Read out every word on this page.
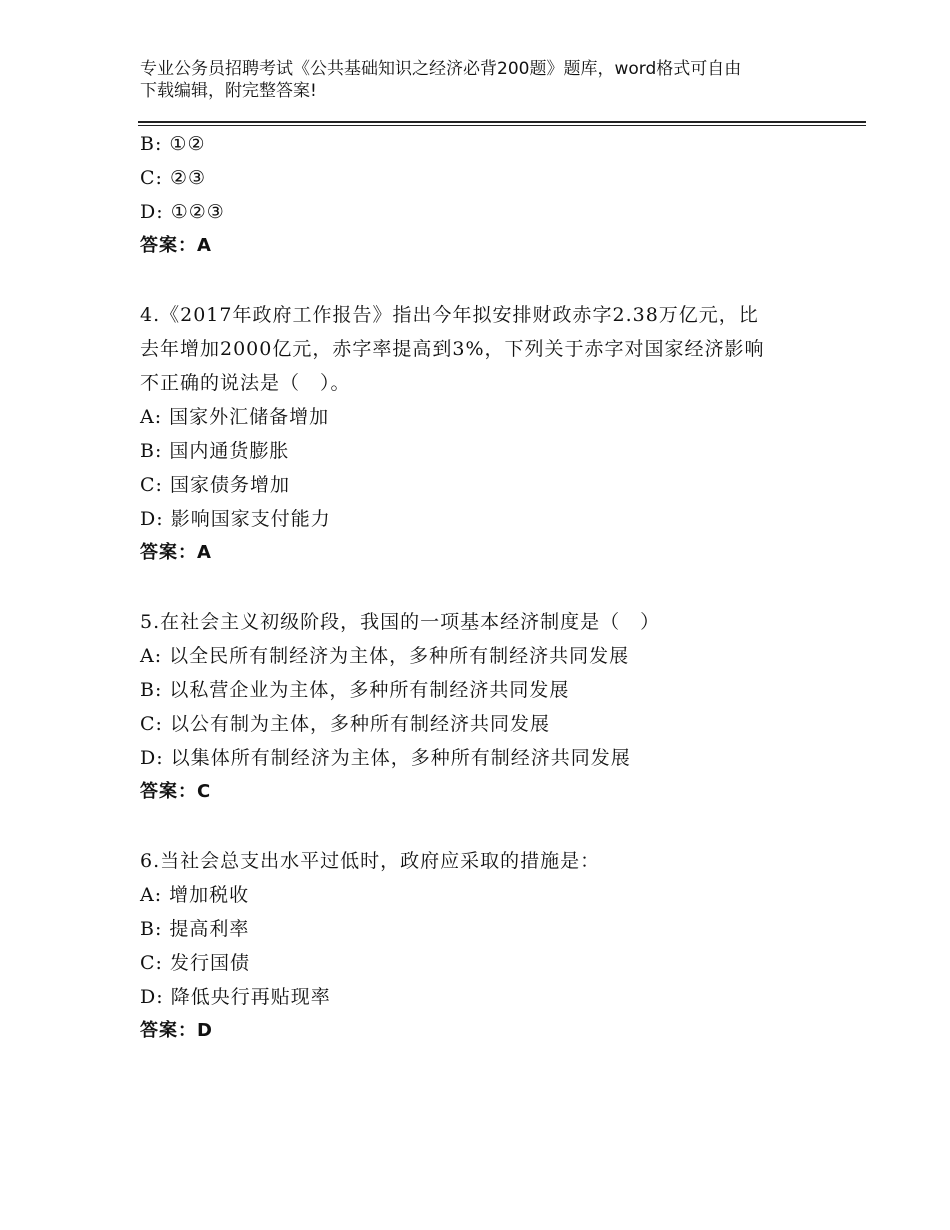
专业公务员招聘考试《公共基础知识之经济必背200题》题库，word格式可自由
下载编辑，附完整答案!
B: ①②
C: ②③
D: ①②③
答案：A
4.《2017年政府工作报告》指出今年拟安排财政赤字2.38万亿元，比
去年增加2000亿元，赤字率提高到3%，下列关于赤字对国家经济影响
不正确的说法是（　）。
A: 国家外汇储备增加
B: 国内通货膨胀
C: 国家债务增加
D: 影响国家支付能力
答案：A
5.在社会主义初级阶段，我国的一项基本经济制度是（　）
A: 以全民所有制经济为主体，多种所有制经济共同发展
B: 以私营企业为主体，多种所有制经济共同发展
C: 以公有制为主体，多种所有制经济共同发展
D: 以集体所有制经济为主体，多种所有制经济共同发展
答案：C
6.当社会总支出水平过低时，政府应采取的措施是：
A: 增加税收
B: 提高利率
C: 发行国债
D: 降低央行再贴现率
答案：D
